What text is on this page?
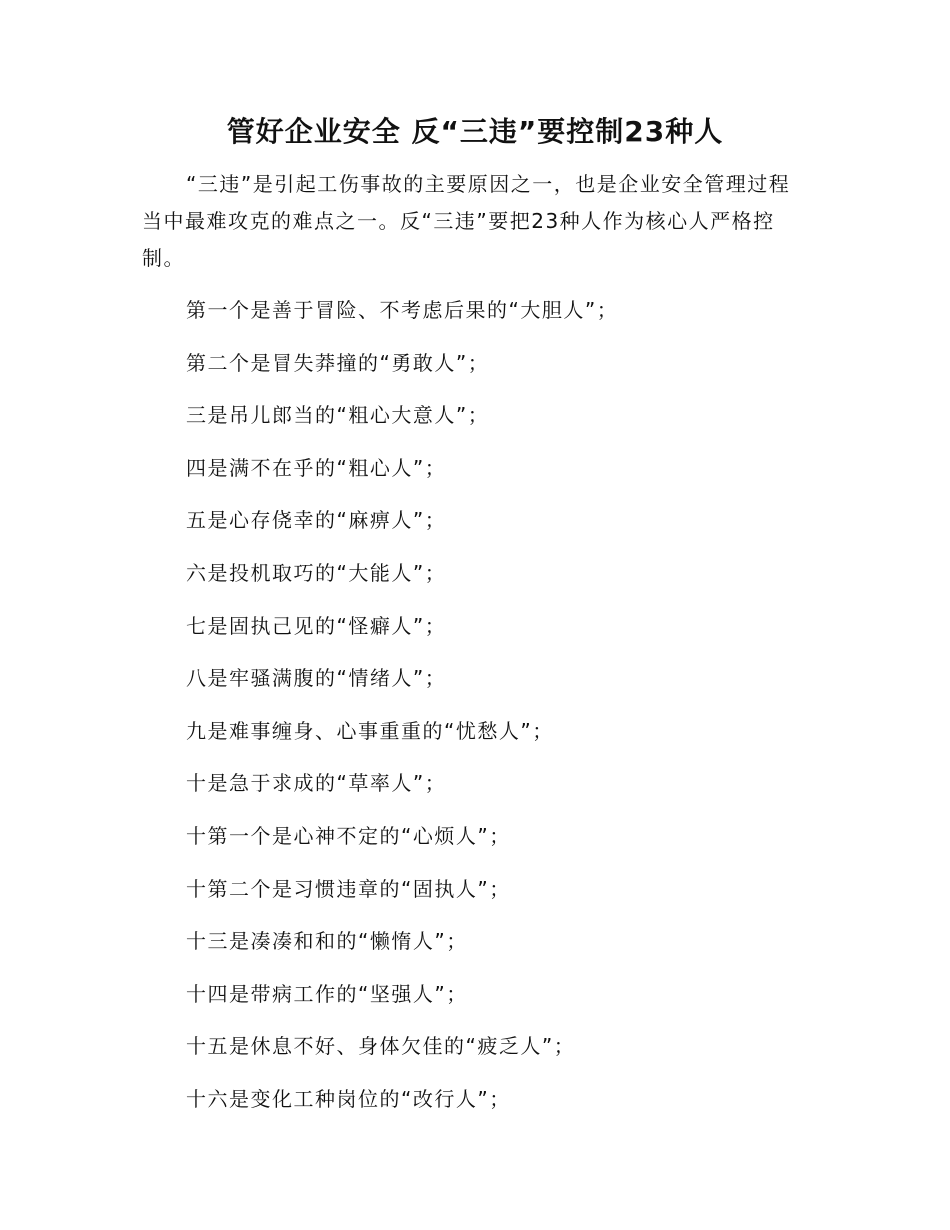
管好企业安全 反“三违”要控制23种人

“三违”是引起工伤事故的主要原因之一，也是企业安全管理过程当中最难攻克的难点之一。反“三违”要把23种人作为核心人严格控制。

第一个是善于冒险、不考虑后果的“大胆人”；
第二个是冒失莽撞的“勇敢人”；
三是吊儿郎当的“粗心大意人”；
四是满不在乎的“粗心人”；
五是心存侥幸的“麻痹人”；
六是投机取巧的“大能人”；
七是固执己见的“怪癖人”；
八是牢骚满腹的“情绪人”；
九是难事缠身、心事重重的“忧愁人”；
十是急于求成的“草率人”；
十第一个是心神不定的“心烦人”；
十第二个是习惯违章的“固执人”；
十三是凑凑和和的“懒惰人”；
十四是带病工作的“坚强人”；
十五是休息不好、身体欠佳的“疲乏人”；
十六是变化工种岗位的“改行人”；
